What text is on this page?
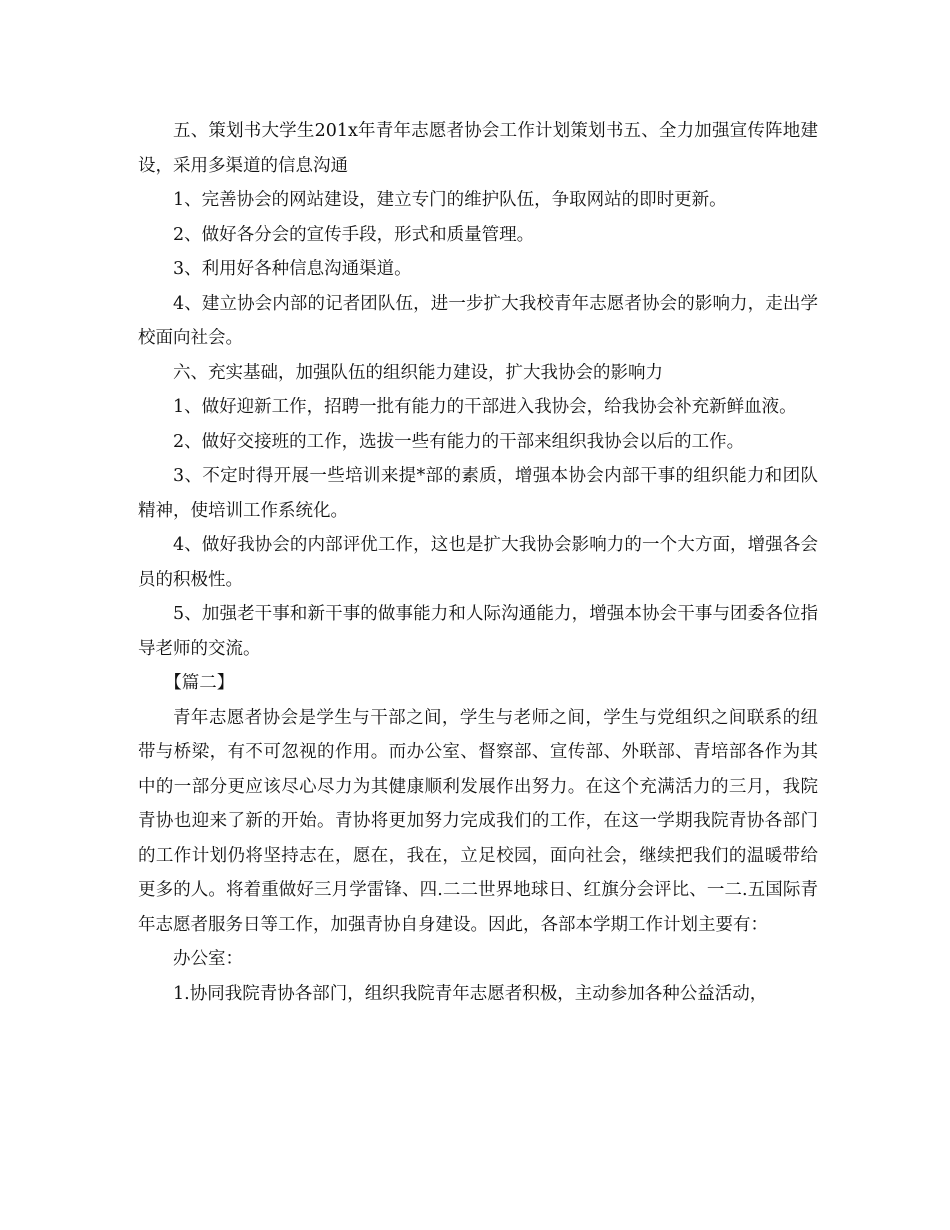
五、策划书大学生201x年青年志愿者协会工作计划策划书五、全力加强宣传阵地建设，采用多渠道的信息沟通

1、完善协会的网站建设，建立专门的维护队伍，争取网站的即时更新。

2、做好各分会的宣传手段，形式和质量管理。

3、利用好各种信息沟通渠道。

4、建立协会内部的记者团队伍，进一步扩大我校青年志愿者协会的影响力，走出学校面向社会。

六、充实基础，加强队伍的组织能力建设，扩大我协会的影响力

1、做好迎新工作，招聘一批有能力的干部进入我协会，给我协会补充新鲜血液。

2、做好交接班的工作，选拔一些有能力的干部来组织我协会以后的工作。

3、不定时得开展一些培训来提*部的素质，增强本协会内部干事的组织能力和团队精神，使培训工作系统化。

4、做好我协会的内部评优工作，这也是扩大我协会影响力的一个大方面，增强各会员的积极性。

5、加强老干事和新干事的做事能力和人际沟通能力，增强本协会干事与团委各位指导老师的交流。

【篇二】

青年志愿者协会是学生与干部之间，学生与老师之间，学生与党组织之间联系的纽带与桥梁，有不可忽视的作用。而办公室、督察部、宣传部、外联部、青培部各作为其中的一部分更应该尽心尽力为其健康顺利发展作出努力。在这个充满活力的三月，我院青协也迎来了新的开始。青协将更加努力完成我们的工作，在这一学期我院青协各部门的工作计划仍将坚持志在，愿在，我在，立足校园，面向社会，继续把我们的温暖带给更多的人。将着重做好三月学雷锋、四.二二世界地球日、红旗分会评比、一二.五国际青年志愿者服务日等工作，加强青协自身建设。因此，各部本学期工作计划主要有：

办公室：

1.协同我院青协各部门，组织我院青年志愿者积极，主动参加各种公益活动，
